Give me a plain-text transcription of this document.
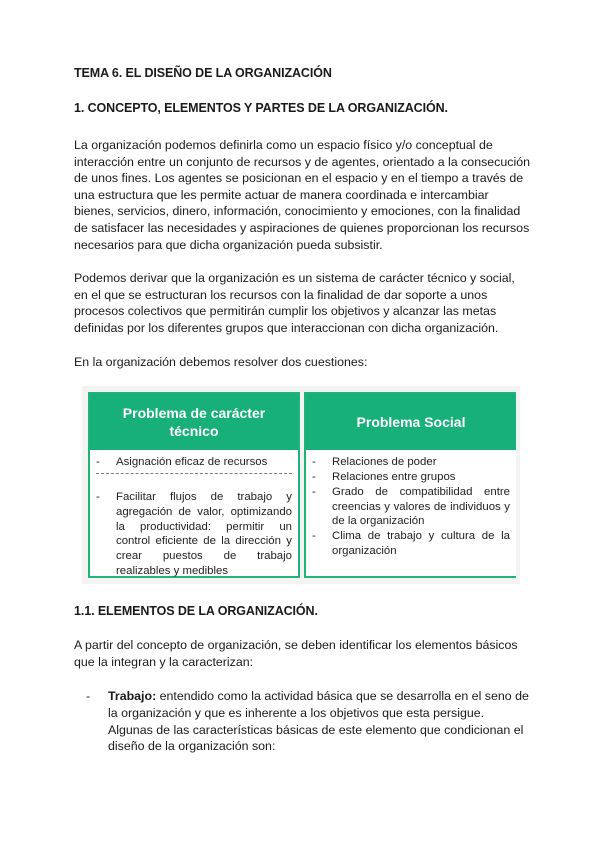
TEMA 6. EL DISEÑO DE LA ORGANIZACIÓN
1. CONCEPTO, ELEMENTOS Y PARTES DE LA ORGANIZACIÓN.

La organización podemos definirla como un espacio físico y/o conceptual de interacción entre un conjunto de recursos y de agentes, orientado a la consecución de unos fines. Los agentes se posicionan en el espacio y en el tiempo a través de una estructura que les permite actuar de manera coordinada e intercambiar bienes, servicios, dinero, información, conocimiento y emociones, con la finalidad de satisfacer las necesidades y aspiraciones de quienes proporcionan los recursos necesarios para que dicha organización pueda subsistir.

Podemos derivar que la organización es un sistema de carácter técnico y social, en el que se estructuran los recursos con la finalidad de dar soporte a unos procesos colectivos que permitirán cumplir los objetivos y alcanzar las metas definidas por los diferentes grupos que interaccionan con dicha organización.

En la organización debemos resolver dos cuestiones:

Problema de carácter técnico
- Asignación eficaz de recursos
- Facilitar flujos de trabajo y agregación de valor, optimizando la productividad: permitir un control eficiente de la dirección y crear puestos de trabajo realizables y medibles
Problema Social
- Relaciones de poder
- Relaciones entre grupos
- Grado de compatibilidad entre creencias y valores de individuos y de la organización
- Clima de trabajo y cultura de la organización
1.1. ELEMENTOS DE LA ORGANIZACIÓN.

A partir del concepto de organización, se deben identificar los elementos básicos que la integran y la caracterizan:

- Trabajo: entendido como la actividad básica que se desarrolla en el seno de la organización y que es inherente a los objetivos que esta persigue. Algunas de las características básicas de este elemento que condicionan el diseño de la organización son:
